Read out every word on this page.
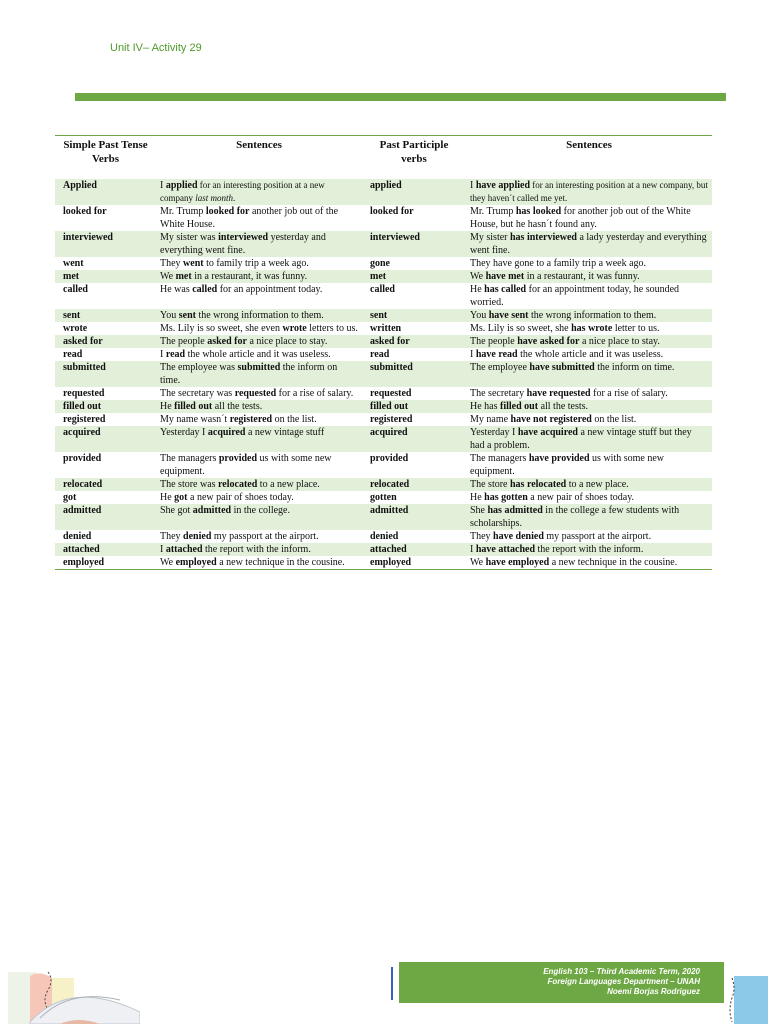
Unit IV– Activity 29
Simple Past Tense Verbs	Sentences	Past Participle verbs	Sentences
Applied	I applied for an interesting position at a new company last month.	applied	I have applied for an interesting position at a new company, but they haven´t called me yet.
looked for	Mr. Trump looked for another job out of the White House.	looked for	Mr. Trump has looked for another job out of the White House, but he hasn´t found any.
interviewed	My sister was interviewed yesterday and everything went fine.	interviewed	My sister has interviewed a lady yesterday and everything went fine.
went	They went to family trip a week ago.	gone	They have gone to a family trip a week ago.
met	We met in a restaurant, it was funny.	met	We have met in a restaurant, it was funny.
called	He was called for an appointment today.	called	He has called for an appointment today, he sounded worried.
sent	You sent the wrong information to them.	sent	You have sent the wrong information to them.
wrote	Ms. Lily is so sweet, she even wrote letters to us.	written	Ms. Lily is so sweet, she has wrote letter to us.
asked for	The people asked for a nice place to stay.	asked for	The people have asked for a nice place to stay.
read	I read the whole article and it was useless.	read	I have read the whole article and it was useless.
submitted	The employee was submitted the inform on time.	submitted	The employee have submitted the inform on time.
requested	The secretary was requested for a rise of salary.	requested	The secretary have requested for a rise of salary.
filled out	He filled out all the tests.	filled out	He has filled out all the tests.
registered	My name wasn´t registered on the list.	registered	My name have not registered on the list.
acquired	Yesterday I acquired a new vintage stuff	acquired	Yesterday I have acquired a new vintage stuff but they had a problem.
provided	The managers provided us with some new equipment.	provided	The managers have provided us with some new equipment.
relocated	The store was relocated to a new place.	relocated	The store has relocated to a new place.
got	He got a new pair of shoes today.	gotten	He has gotten a new pair of shoes today.
admitted	She got admitted in the college.	admitted	She has admitted in the college a few students with scholarships.
denied	They denied my passport at the airport.	denied	They have denied my passport at the airport.
attached	I attached the report with the inform.	attached	I have attached the report with the inform.
employed	We employed a new technique in the cousine.	employed	We have employed a new technique in the cousine.
English 103 – Third Academic Term, 2020
Foreign Languages Department – UNAH
Noemi Borjas Rodriguez
